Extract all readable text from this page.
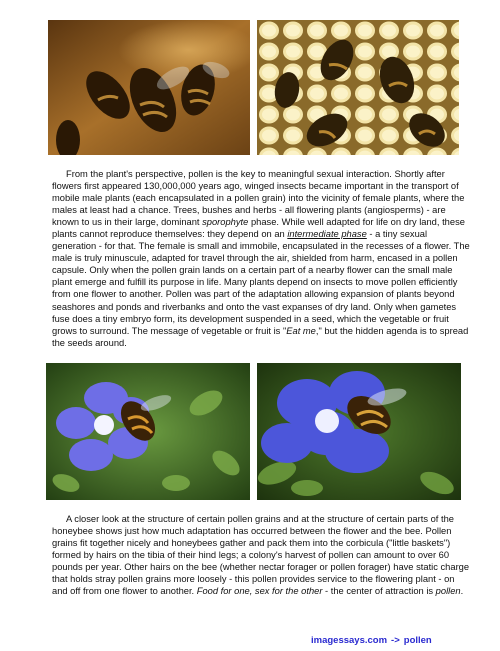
From the plant's perspective, pollen is the key to meaningful sexual interaction. Shortly after flowers first appeared 130,000,000 years ago, winged insects became important in the transport of mobile male plants (each encapsulated in a pollen grain) into the vicinity of female plants, where the males at least had a chance. Trees, bushes and herbs - all flowering plants (angiosperms) - are known to us in their large, dominant sporophyte phase. While well adapted for life on dry land, these plants cannot reproduce themselves: they depend on an intermediate phase - a tiny sexual generation - for that. The female is small and immobile, encapsulated in the recesses of a flower. The male is truly minuscule, adapted for travel through the air, shielded from harm, encased in a pollen capsule. Only when the pollen grain lands on a certain part of a nearby flower can the small male plant emerge and fulfill its purpose in life. Many plants depend on insects to move pollen efficiently from one flower to another. Pollen was part of the adaptation allowing expansion of plants beyond seashores and ponds and riverbanks and onto the vast expanses of dry land. Only when gametes fuse does a tiny embryo form, its development suspended in a seed, which the vegetable or fruit grows to surround. The message of vegetable or fruit is "Eat me," but the hidden agenda is to spread the seeds around.

A closer look at the structure of certain pollen grains and at the structure of certain parts of the honeybee shows just how much adaptation has occurred between the flower and the bee. Pollen grains fit together nicely and honeybees gather and pack them into the corbicula ("little baskets") formed by hairs on the tibia of their hind legs; a colony's harvest of pollen can amount to over 60 pounds per year. Other hairs on the bee (whether nectar forager or pollen forager) have static charge that holds stray pollen grains more loosely - this pollen provides service to the flowering plant - on and off from one flower to another. Food for one, sex for the other - the center of attraction is pollen.

imagessays.com -> pollen
